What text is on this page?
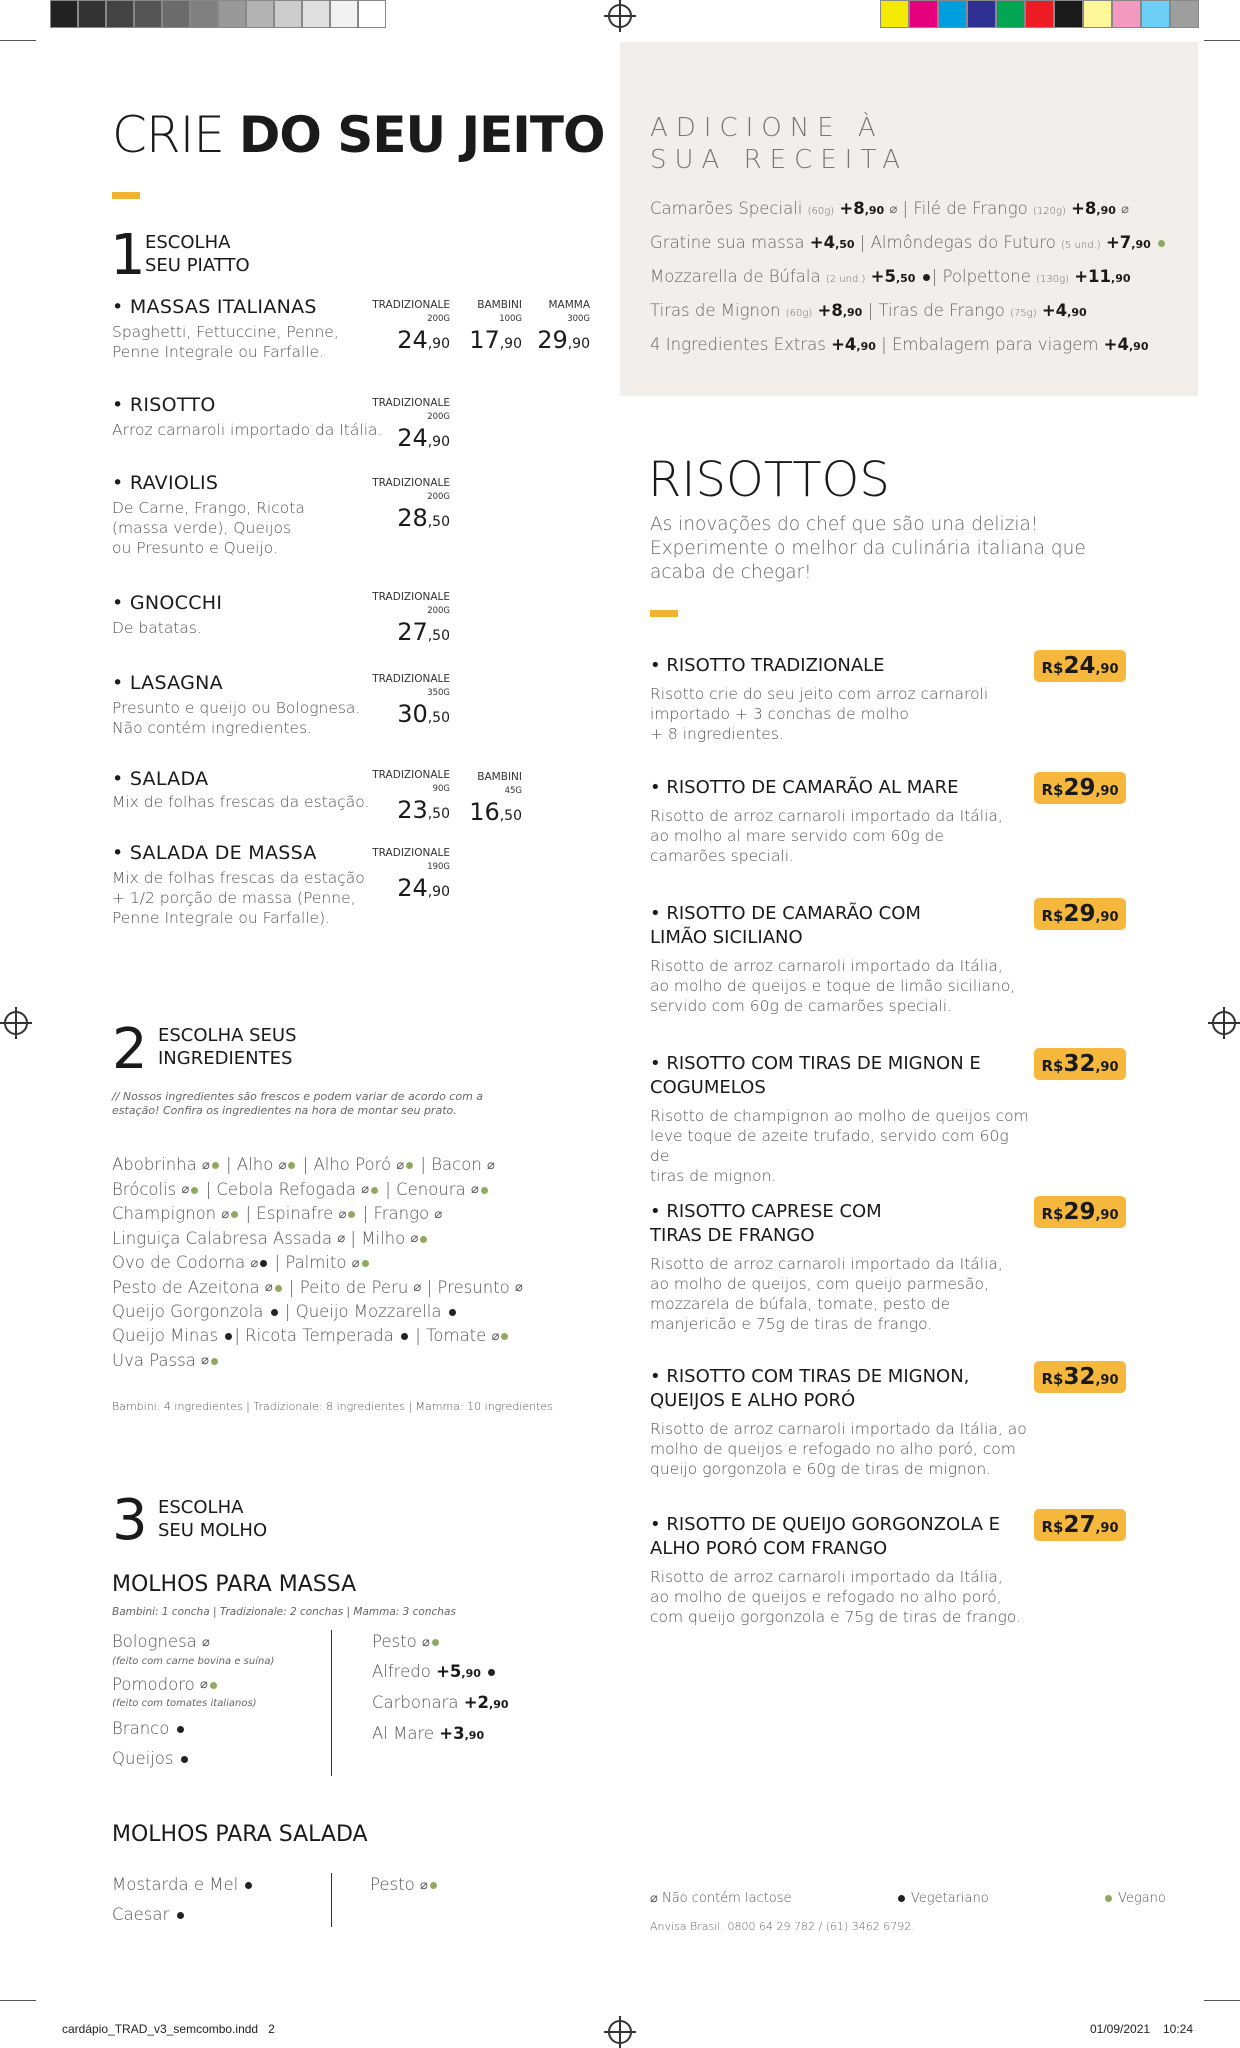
cardápio_TRAD_v3_semcombo.indd   2	01/09/2021 10:24
CRIE DO SEU JEITO
1 ESCOLHA
SEU PIATTO
• MASSAS ITALIANAS
Spaghetti, Fettuccine, Penne,
Penne Integrale ou Farfalle.
TRADIZIONALE
200G
24,90
BAMBINI
100G
17,90
MAMMA
300G
29,90
• RISOTTO
Arroz carnaroli importado da Itália.
TRADIZIONALE
200G
24,90
• RAVIOLIS
De Carne, Frango, Ricota
(massa verde), Queijos
ou Presunto e Queijo.
TRADIZIONALE
200G
28,50
• GNOCCHI
De batatas.
TRADIZIONALE
200G
27,50
• LASAGNA
Presunto e queijo ou Bolognesa.
Não contém ingredientes.
TRADIZIONALE
350G
30,50
• SALADA
Mix de folhas frescas da estação.
TRADIZIONALE
90G
23,50
BAMBINI
45G
16,50
• SALADA DE MASSA
Mix de folhas frescas da estação
+ 1/2 porção de massa (Penne,
Penne Integrale ou Farfalle).
TRADIZIONALE
190G
24,90
2 ESCOLHA SEUS
INGREDIENTES
// Nossos ingredientes são frescos e podem variar de acordo com a
estação! Confira os ingredientes na hora de montar seu prato.
Abobrinha ⌀ | Alho ⌀ | Alho Poró ⌀ | Bacon ⌀
Brócolis ⌀ | Cebola Refogada ⌀ | Cenoura ⌀
Champignon ⌀ | Espinafre ⌀ | Frango ⌀
Linguiça Calabresa Assada ⌀ | Milho ⌀
Ovo de Codorna ⌀ | Palmito ⌀
Pesto de Azeitona ⌀ | Peito de Peru ⌀ | Presunto ⌀
Queijo Gorgonzola  | Queijo Mozzarella
Queijo Minas | Ricota Temperada  | Tomate ⌀
Uva Passa ⌀
Bambini: 4 ingredientes | Tradizionale: 8 ingredientes | Mamma: 10 ingredientes
3 ESCOLHA
SEU MOLHO
MOLHOS PARA MASSA
Bambini: 1 concha | Tradizionale: 2 conchas | Mamma: 3 conchas
Bolognesa ⌀
(feito com carne bovina e suína)
Pomodoro ⌀
(feito com tomates italianos)
Branco
Queijos
Pesto ⌀
Alfredo +5,90
Carbonara +2,90
Al Mare +3,90
MOLHOS PARA SALADA
Mostarda e Mel
Caesar
Pesto ⌀
ADICIONE À
SUA RECEITA
Camarões Speciali (60g) +8,90 ⌀ | Filé de Frango (120g) +8,90 ⌀
Gratine sua massa +4,50 | Almôndegas do Futuro (5 und.) +7,90
Mozzarella de Búfala (2 und.) +5,50 | Polpettone (130g) +11,90
Tiras de Mignon (60g) +8,90 | Tiras de Frango (75g) +4,90
4 Ingredientes Extras +4,90 | Embalagem para viagem +4,90
RISOTTOS
As inovações do chef que são una delizia!
Experimente o melhor da culinária italiana que
acaba de chegar!
• RISOTTO TRADIZIONALE
Risotto crie do seu jeito com arroz carnaroli
importado + 3 conchas de molho
+ 8 ingredientes.
R$24,90
• RISOTTO DE CAMARÃO AL MARE
Risotto de arroz carnaroli importado da Itália,
ao molho al mare servido com 60g de
camarões speciali.
R$29,90
• RISOTTO DE CAMARÃO COM
LIMÃO SICILIANO
Risotto de arroz carnaroli importado da Itália,
ao molho de queijos e toque de limão siciliano,
servido com 60g de camarões speciali.
R$29,90
• RISOTTO COM TIRAS DE MIGNON E
COGUMELOS
Risotto de champignon ao molho de queijos com
leve toque de azeite trufado, servido com 60g de
tiras de mignon.
R$32,90
• RISOTTO CAPRESE COM
TIRAS DE FRANGO
Risotto de arroz carnaroli importado da Itália,
ao molho de queijos, com queijo parmesão,
mozzarela de búfala, tomate, pesto de
manjericão e 75g de tiras de frango.
R$29,90
• RISOTTO COM TIRAS DE MIGNON,
QUEIJOS E ALHO PORÓ
Risotto de arroz carnaroli importado da Itália, ao
molho de queijos e refogado no alho poró, com
queijo gorgonzola e 60g de tiras de mignon.
R$32,90
• RISOTTO DE QUEIJO GORGONZOLA E
ALHO PORÓ COM FRANGO
Risotto de arroz carnaroli importado da Itália,
ao molho de queijos e refogado no alho poró,
com queijo gorgonzola e 75g de tiras de frango.
R$27,90
⌀ Não contém lactose	Vegetariano	Vegano
Anvisa Brasil: 0800 64 29 782 / (61) 3462 6792.
